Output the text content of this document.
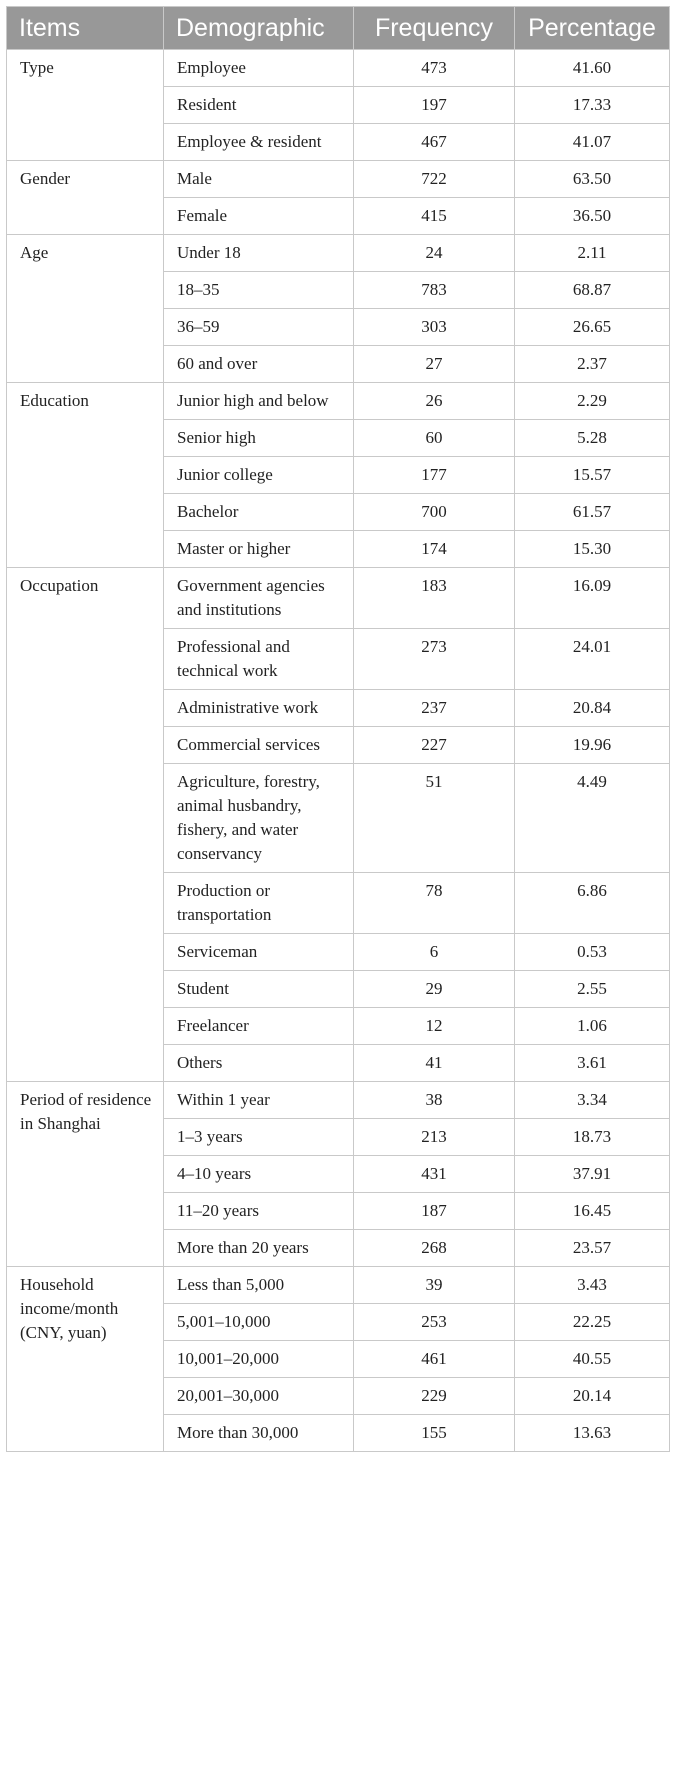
Items	Demographic	Frequency	Percentage
Type	Employee	473	41.60
	Resident	197	17.33
	Employee & resident	467	41.07
Gender	Male	722	63.50
	Female	415	36.50
Age	Under 18	24	2.11
	18–35	783	68.87
	36–59	303	26.65
	60 and over	27	2.37
Education	Junior high and below	26	2.29
	Senior high	60	5.28
	Junior college	177	15.57
	Bachelor	700	61.57
	Master or higher	174	15.30
Occupation	Government agencies and institutions	183	16.09
	Professional and technical work	273	24.01
	Administrative work	237	20.84
	Commercial services	227	19.96
	Agriculture, forestry, animal husbandry, fishery, and water conservancy	51	4.49
	Production or transportation	78	6.86
	Serviceman	6	0.53
	Student	29	2.55
	Freelancer	12	1.06
	Others	41	3.61
Period of residence in Shanghai	Within 1 year	38	3.34
	1–3 years	213	18.73
	4–10 years	431	37.91
	11–20 years	187	16.45
	More than 20 years	268	23.57
Household income/month (CNY, yuan)	Less than 5,000	39	3.43
	5,001–10,000	253	22.25
	10,001–20,000	461	40.55
	20,001–30,000	229	20.14
	More than 30,000	155	13.63
